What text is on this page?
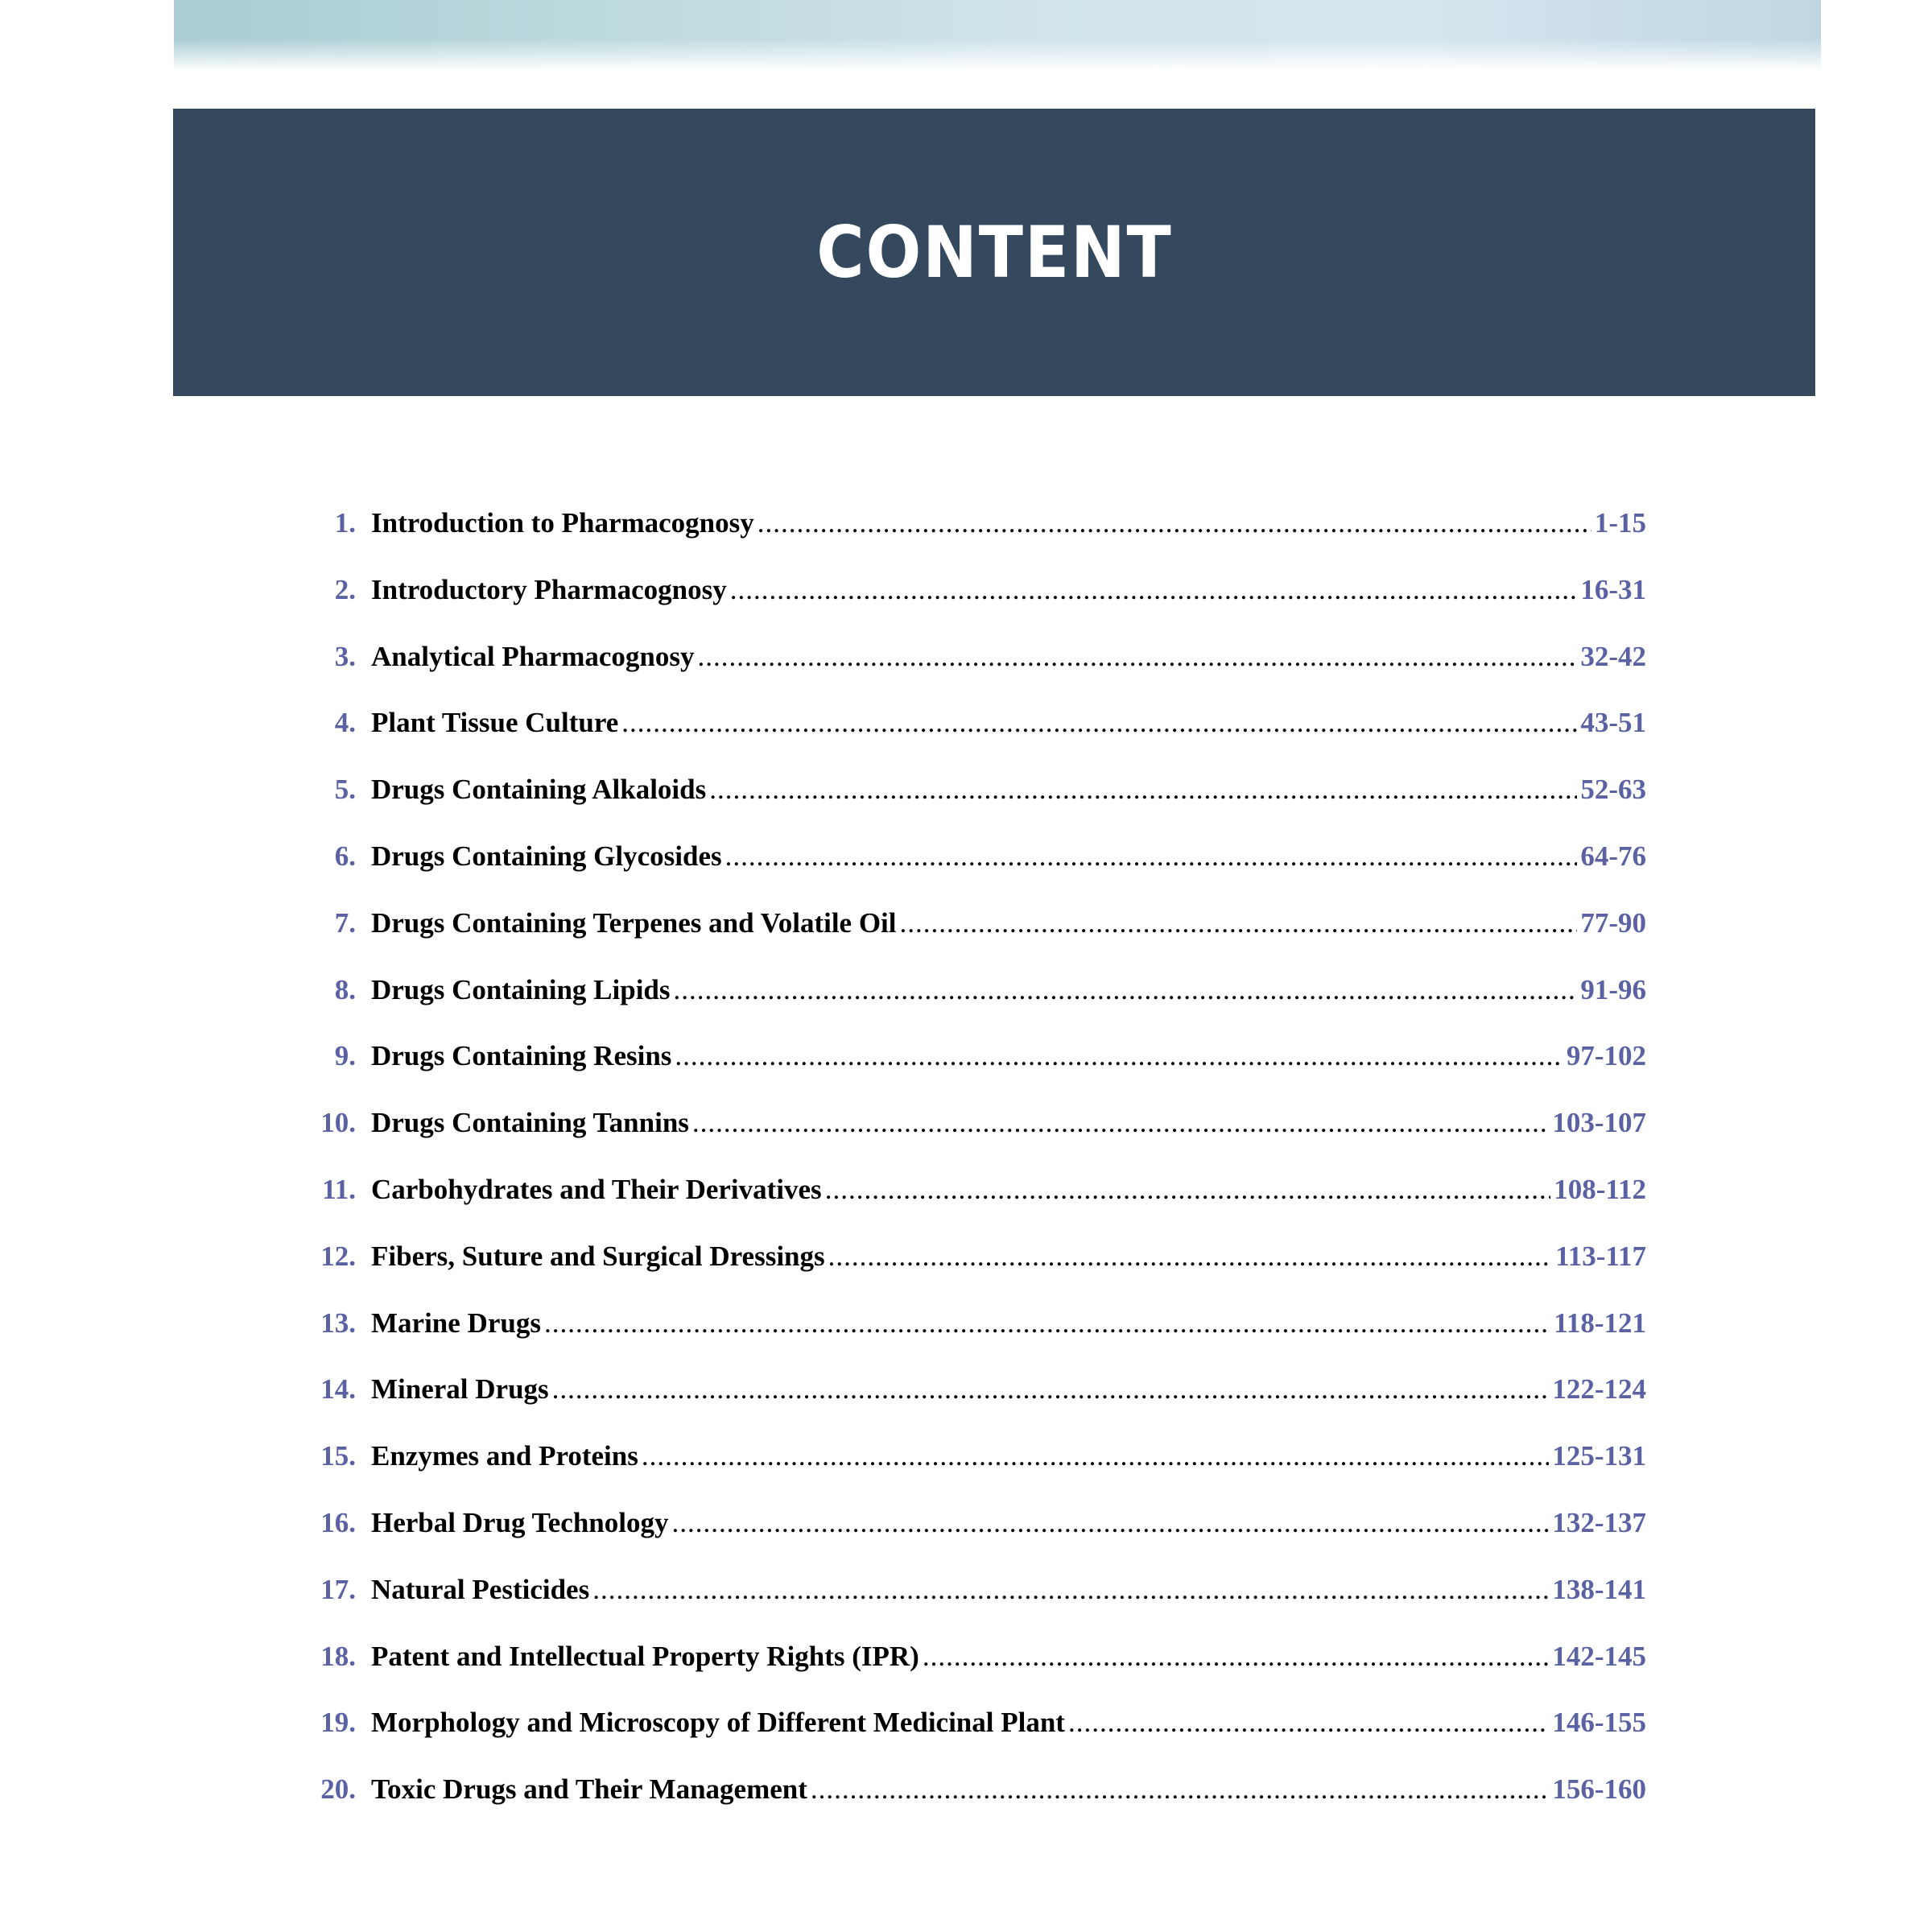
CONTENT
1. Introduction to Pharmacognosy .....	1-15
2. Introductory Pharmacognosy .....	16-31
3. Analytical Pharmacognosy .....	32-42
4. Plant Tissue Culture .....	43-51
5. Drugs Containing Alkaloids .....	52-63
6. Drugs Containing Glycosides .....	64-76
7. Drugs Containing Terpenes and Volatile Oil .....	77-90
8. Drugs Containing Lipids .....	91-96
9. Drugs Containing Resins .....	97-102
10. Drugs Containing Tannins .....	103-107
11. Carbohydrates and Their Derivatives .....	108-112
12. Fibers, Suture and Surgical Dressings .....	113-117
13. Marine Drugs .....	118-121
14. Mineral Drugs .....	122-124
15. Enzymes and Proteins .....	125-131
16. Herbal Drug Technology .....	132-137
17. Natural Pesticides .....	138-141
18. Patent and Intellectual Property Rights (IPR) .....	142-145
19. Morphology and Microscopy of Different Medicinal Plant .....	146-155
20. Toxic Drugs and Their Management .....	156-160
